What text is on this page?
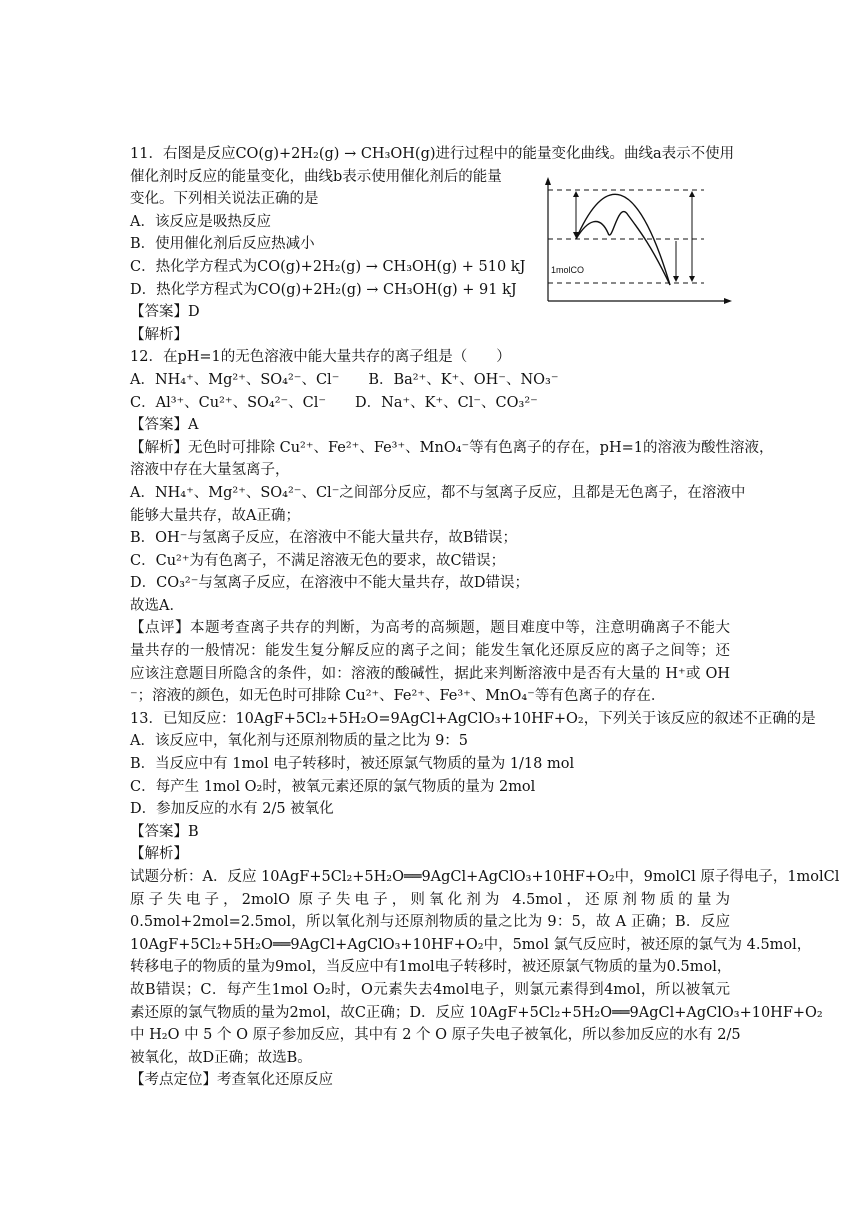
11．右图是反应CO(g)+2H₂(g) → CH₃OH(g)进行过程中的能量变化曲线。曲线a表示不使用
催化剂时反应的能量变化，曲线b表示使用催化剂后的能量
变化。下列相关说法正确的是
A．该反应是吸热反应
B．使用催化剂后反应热减小
C．热化学方程式为CO(g)+2H₂(g) → CH₃OH(g) + 510 kJ
D．热化学方程式为CO(g)+2H₂(g) → CH₃OH(g) + 91 kJ
【答案】D
【解析】
12．在pH=1的无色溶液中能大量共存的离子组是（　　）
A．NH₄⁺、Mg²⁺、SO₄²⁻、Cl⁻　　B．Ba²⁺、K⁺、OH⁻、NO₃⁻
C．Al³⁺、Cu²⁺、SO₄²⁻、Cl⁻　　D．Na⁺、K⁺、Cl⁻、CO₃²⁻
【答案】A
【解析】无色时可排除 Cu²⁺、Fe²⁺、Fe³⁺、MnO₄⁻等有色离子的存在，pH=1的溶液为酸性溶液，
溶液中存在大量氢离子，
A．NH₄⁺、Mg²⁺、SO₄²⁻、Cl⁻之间部分反应，都不与氢离子反应，且都是无色离子，在溶液中
能够大量共存，故A正确；
B．OH⁻与氢离子反应，在溶液中不能大量共存，故B错误；
C．Cu²⁺为有色离子，不满足溶液无色的要求，故C错误；
D．CO₃²⁻与氢离子反应，在溶液中不能大量共存，故D错误；
故选A．
【点评】本题考查离子共存的判断，为高考的高频题，题目难度中等，注意明确离子不能大
量共存的一般情况：能发生复分解反应的离子之间；能发生氧化还原反应的离子之间等；还
应该注意题目所隐含的条件，如：溶液的酸碱性，据此来判断溶液中是否有大量的 H⁺或 OH
⁻；溶液的颜色，如无色时可排除 Cu²⁺、Fe²⁺、Fe³⁺、MnO₄⁻等有色离子的存在．
13．已知反应：10AgF+5Cl₂+5H₂O=9AgCl+AgClO₃+10HF+O₂，下列关于该反应的叙述不正确的是
A．该反应中，氧化剂与还原剂物质的量之比为 9：5
B．当反应中有 1mol 电子转移时，被还原氯气物质的量为 1/18 mol
C．每产生 1mol O₂时，被氧元素还原的氯气物质的量为 2mol
D．参加反应的水有 2/5 被氧化
【答案】B
【解析】
试题分析：A．反应 10AgF+5Cl₂+5H₂O══9AgCl+AgClO₃+10HF+O₂中，9molCl 原子得电子，1molCl
原子失电子，2molO 原子失电子，则氧化剂为 4.5mol，还原剂物质的量为
0.5mol+2mol=2.5mol，所以氧化剂与还原剂物质的量之比为 9：5，故 A 正确；B．反应
10AgF+5Cl₂+5H₂O══9AgCl+AgClO₃+10HF+O₂中，5mol 氯气反应时，被还原的氯气为 4.5mol，
转移电子的物质的量为9mol，当反应中有1mol电子转移时，被还原氯气物质的量为0.5mol，
故B错误；C．每产生1mol O₂时，O元素失去4mol电子，则氯元素得到4mol，所以被氧元
素还原的氯气物质的量为2mol，故C正确；D．反应 10AgF+5Cl₂+5H₂O══9AgCl+AgClO₃+10HF+O₂
中 H₂O 中 5 个 O 原子参加反应，其中有 2 个 O 原子失电子被氧化，所以参加反应的水有 2/5
被氧化，故D正确；故选B。
【考点定位】考查氧化还原反应
1molCO
